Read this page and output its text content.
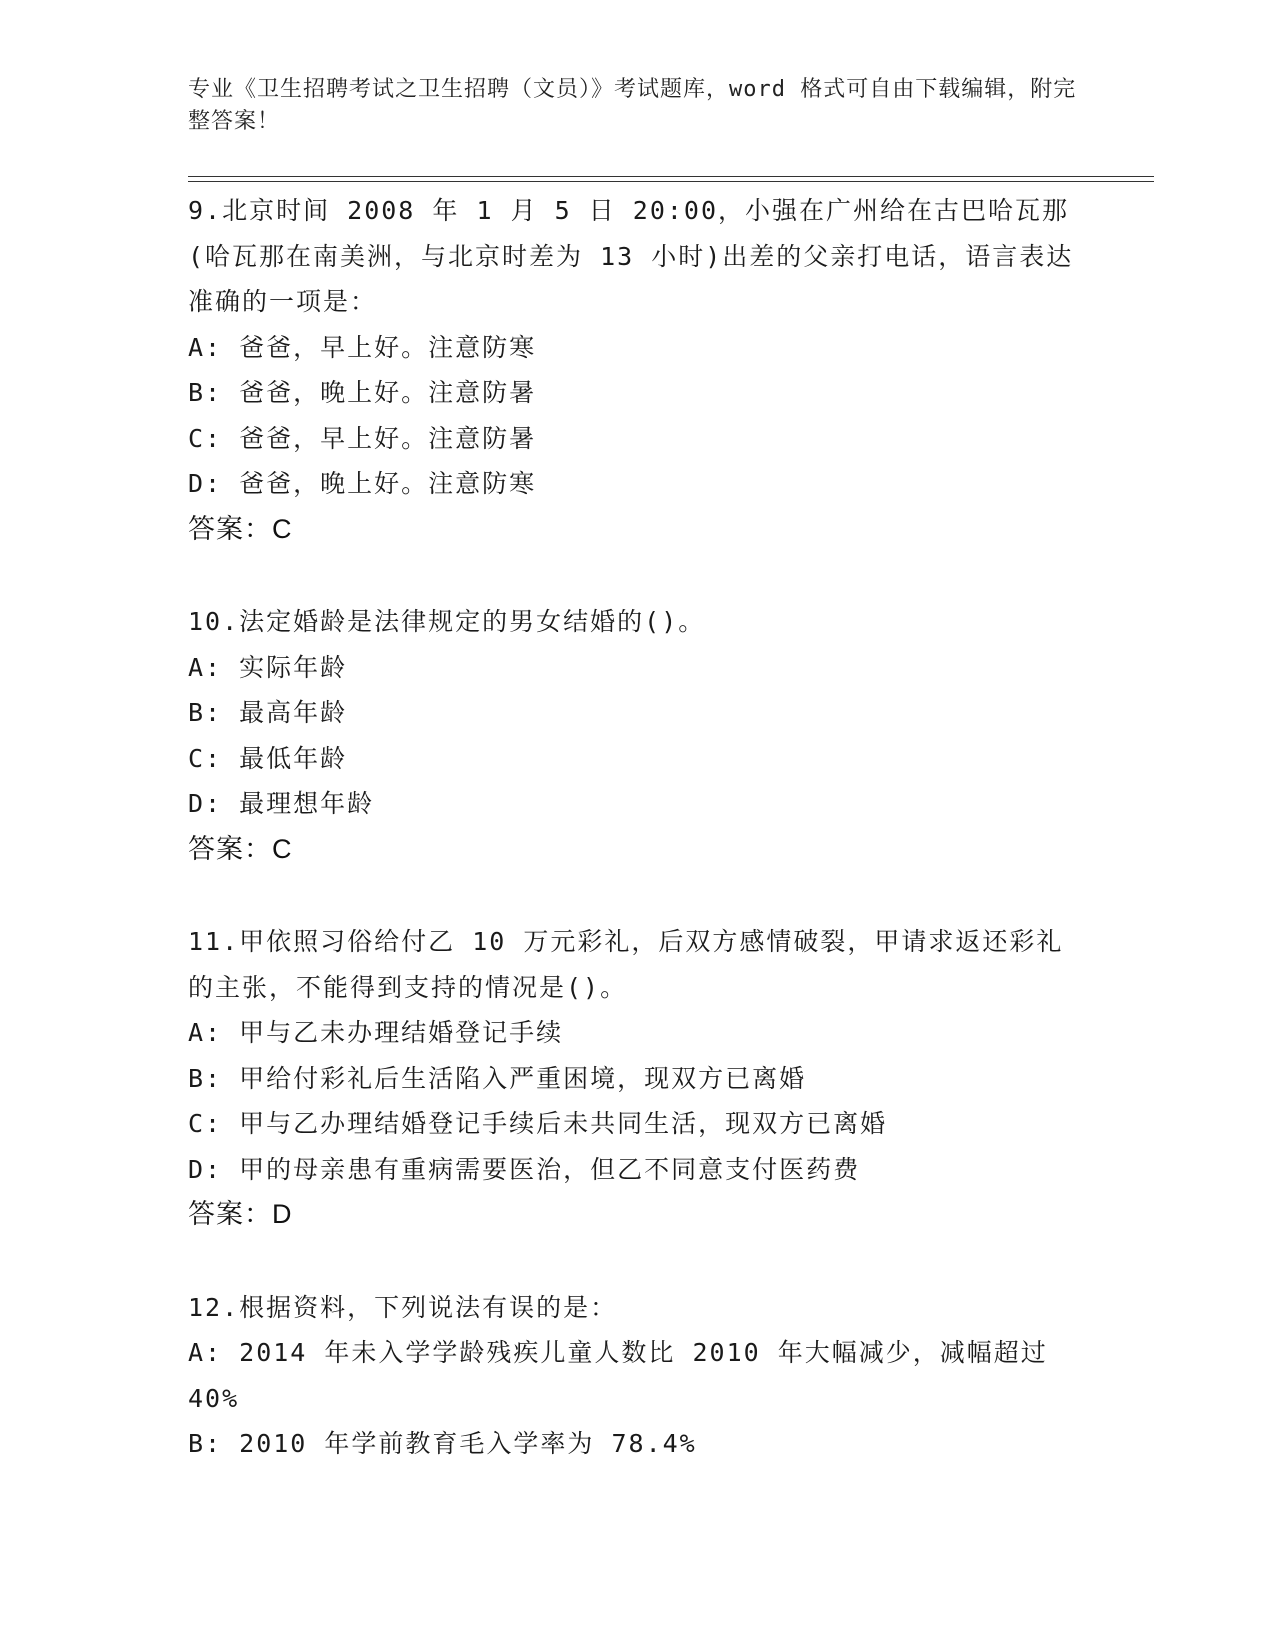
专业《卫生招聘考试之卫生招聘（文员）》考试题库，word 格式可自由下载编辑，附完整答案！

9.北京时间 2008 年 1 月 5 日 20:00，小强在广州给在古巴哈瓦那(哈瓦那在南美洲，与北京时差为 13 小时)出差的父亲打电话，语言表达准确的一项是：

A: 爸爸，早上好。注意防寒

B: 爸爸，晚上好。注意防暑

C: 爸爸，早上好。注意防暑

D: 爸爸，晚上好。注意防寒

答案：C

10.法定婚龄是法律规定的男女结婚的()。

A: 实际年龄

B: 最高年龄

C: 最低年龄

D: 最理想年龄

答案：C

11.甲依照习俗给付乙 10 万元彩礼，后双方感情破裂，甲请求返还彩礼的主张，不能得到支持的情况是()。

A: 甲与乙未办理结婚登记手续

B: 甲给付彩礼后生活陷入严重困境，现双方已离婚

C: 甲与乙办理结婚登记手续后未共同生活，现双方已离婚

D: 甲的母亲患有重病需要医治，但乙不同意支付医药费

答案：D

12.根据资料，下列说法有误的是：

A: 2014 年未入学学龄残疾儿童人数比 2010 年大幅减少，减幅超过40%

B: 2010 年学前教育毛入学率为 78.4%
